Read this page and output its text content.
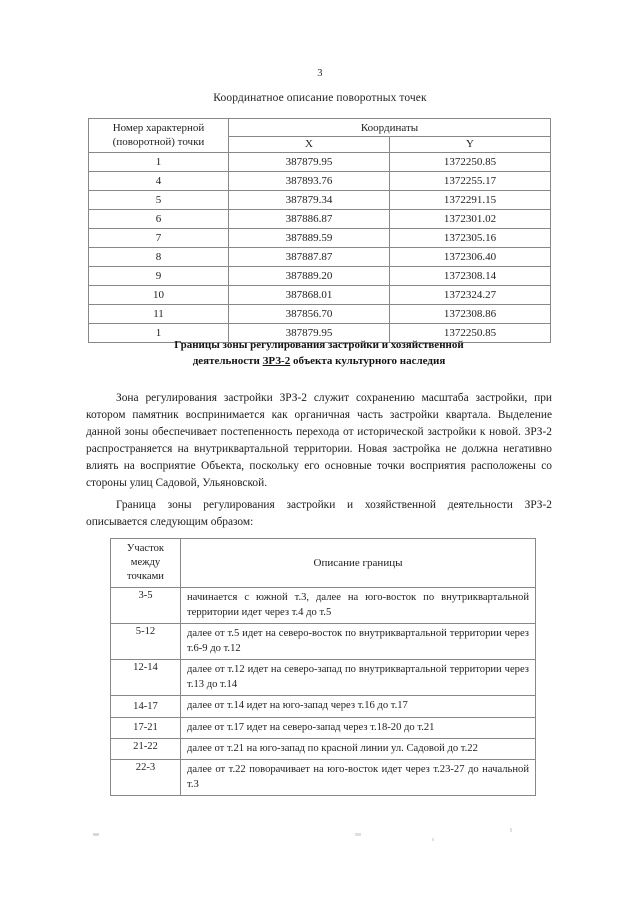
3
Координатное описание поворотных точек
Номер характерной
(поворотной) точки	Координаты	
	X	Y
1	387879.95	1372250.85
4	387893.76	1372255.17
5	387879.34	1372291.15
6	387886.87	1372301.02
7	387889.59	1372305.16
8	387887.87	1372306.40
9	387889.20	1372308.14
10	387868.01	1372324.27
11	387856.70	1372308.86
1	387879.95	1372250.85
Границы зоны регулирования застройки и хозяйственной
деятельности ЗРЗ-2 объекта культурного наследия

Зона регулирования застройки ЗРЗ-2 служит сохранению масштаба застройки, при котором памятник воспринимается как органичная часть застройки квартала. Выделение данной зоны обеспечивает постепенность перехода от исторической застройки к новой. ЗРЗ-2 распространяется на внутриквартальной территории. Новая застройка не должна негативно влиять на восприятие Объекта, поскольку его основные точки восприятия расположены со стороны улиц Садовой, Ульяновской.

Граница зоны регулирования застройки и хозяйственной деятельности ЗРЗ-2 описывается следующим образом:

Участок
между
точками	Описание границы
3-5	начинается с южной т.3, далее на юго-восток по внутриквартальной территории идет через т.4 до т.5
5-12	далее от т.5 идет на северо-восток по внутриквартальной территории через т.6-9 до т.12
12-14	далее от т.12 идет на северо-запад по внутриквартальной территории через т.13 до т.14
14-17	далее от т.14 идет на юго-запад через т.16 до т.17
17-21	далее от т.17 идет на северо-запад через т.18-20 до т.21
21-22	далее от т.21 на юго-запад по красной линии ул. Садовой до т.22
22-3	далее от т.22 поворачивает на юго-восток идет через т.23-27 до начальной т.3
